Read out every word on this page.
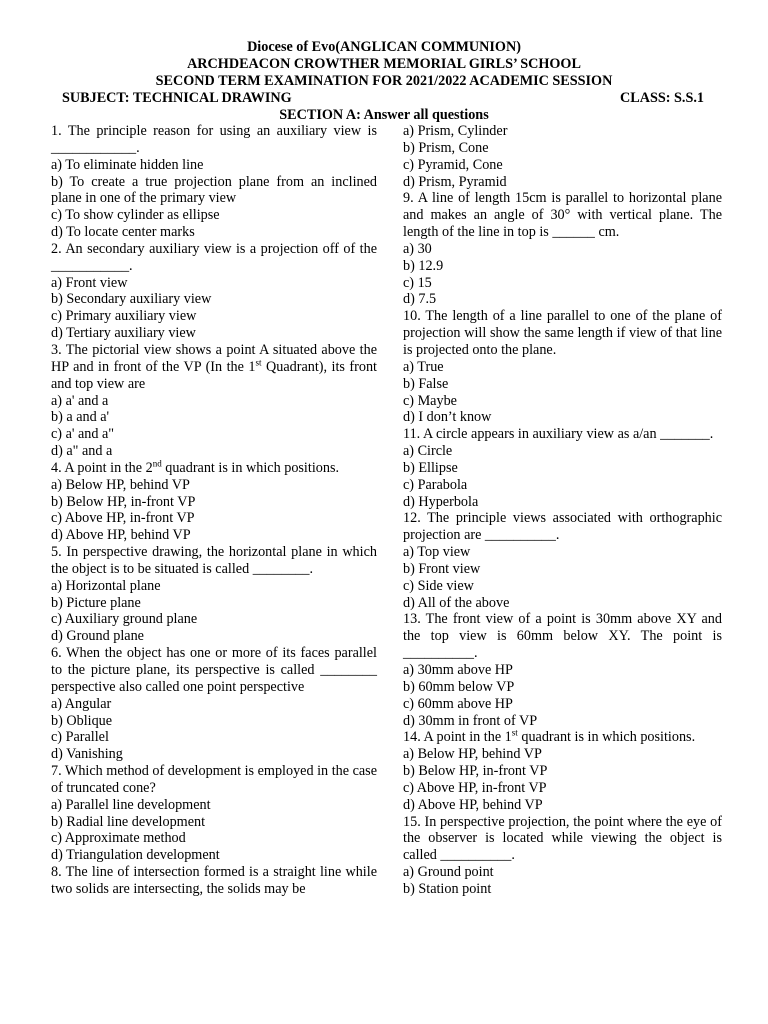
Diocese of Evo(ANGLICAN COMMUNION)
ARCHDEACON CROWTHER MEMORIAL GIRLS’ SCHOOL
SECOND TERM EXAMINATION FOR 2021/2022 ACADEMIC SESSION
SUBJECT: TECHNICAL DRAWING	CLASS: S.S.1
SECTION A: Answer all questions
1. The principle reason for using an auxiliary view is ____________.
a) To eliminate hidden line
b) To create a true projection plane from an inclined plane in one of the primary view
c) To show cylinder as ellipse
d) To locate center marks
2. An secondary auxiliary view is a projection off of the ___________.
a) Front view
b) Secondary auxiliary view
c) Primary auxiliary view
d) Tertiary auxiliary view
3. The pictorial view shows a point A situated above the HP and in front of the VP (In the 1st Quadrant), its front and top view are
a) a' and a
b) a and a'
c) a' and a"
d) a" and a
4. A point in the 2nd quadrant is in which positions.
a) Below HP, behind VP
b) Below HP, in-front VP
c) Above HP, in-front VP
d) Above HP, behind VP
5. In perspective drawing, the horizontal plane in which the object is to be situated is called ________.
a) Horizontal plane
b) Picture plane
c) Auxiliary ground plane
d) Ground plane
6. When the object has one or more of its faces parallel to the picture plane, its perspective is called ________ perspective also called one point perspective
a) Angular
b) Oblique
c) Parallel
d) Vanishing
7. Which method of development is employed in the case of truncated cone?
a) Parallel line development
b) Radial line development
c) Approximate method
d) Triangulation development
8. The line of intersection formed is a straight line while two solids are intersecting, the solids may be
a) Prism, Cylinder
b) Prism, Cone
c) Pyramid, Cone
d) Prism, Pyramid
9. A line of length 15cm is parallel to horizontal plane and makes an angle of 30° with vertical plane. The length of the line in top is ______ cm.
a) 30
b) 12.9
c) 15
d) 7.5
10. The length of a line parallel to one of the plane of projection will show the same length if view of that line is projected onto the plane.
a) True
b) False
c) Maybe
d) I don’t know
11. A circle appears in auxiliary view as a/an _______.
a) Circle
b) Ellipse
c) Parabola
d) Hyperbola
12. The principle views associated with orthographic projection are __________.
a) Top view
b) Front view
c) Side view
d) All of the above
13. The front view of a point is 30mm above XY and the top view is 60mm below XY. The point is __________.
a) 30mm above HP
b) 60mm below VP
c) 60mm above HP
d) 30mm in front of VP
14. A point in the 1st quadrant is in which positions.
a) Below HP, behind VP
b) Below HP, in-front VP
c) Above HP, in-front VP
d) Above HP, behind VP
15. In perspective projection, the point where the eye of the observer is located while viewing the object is called __________.
a) Ground point
b) Station point
